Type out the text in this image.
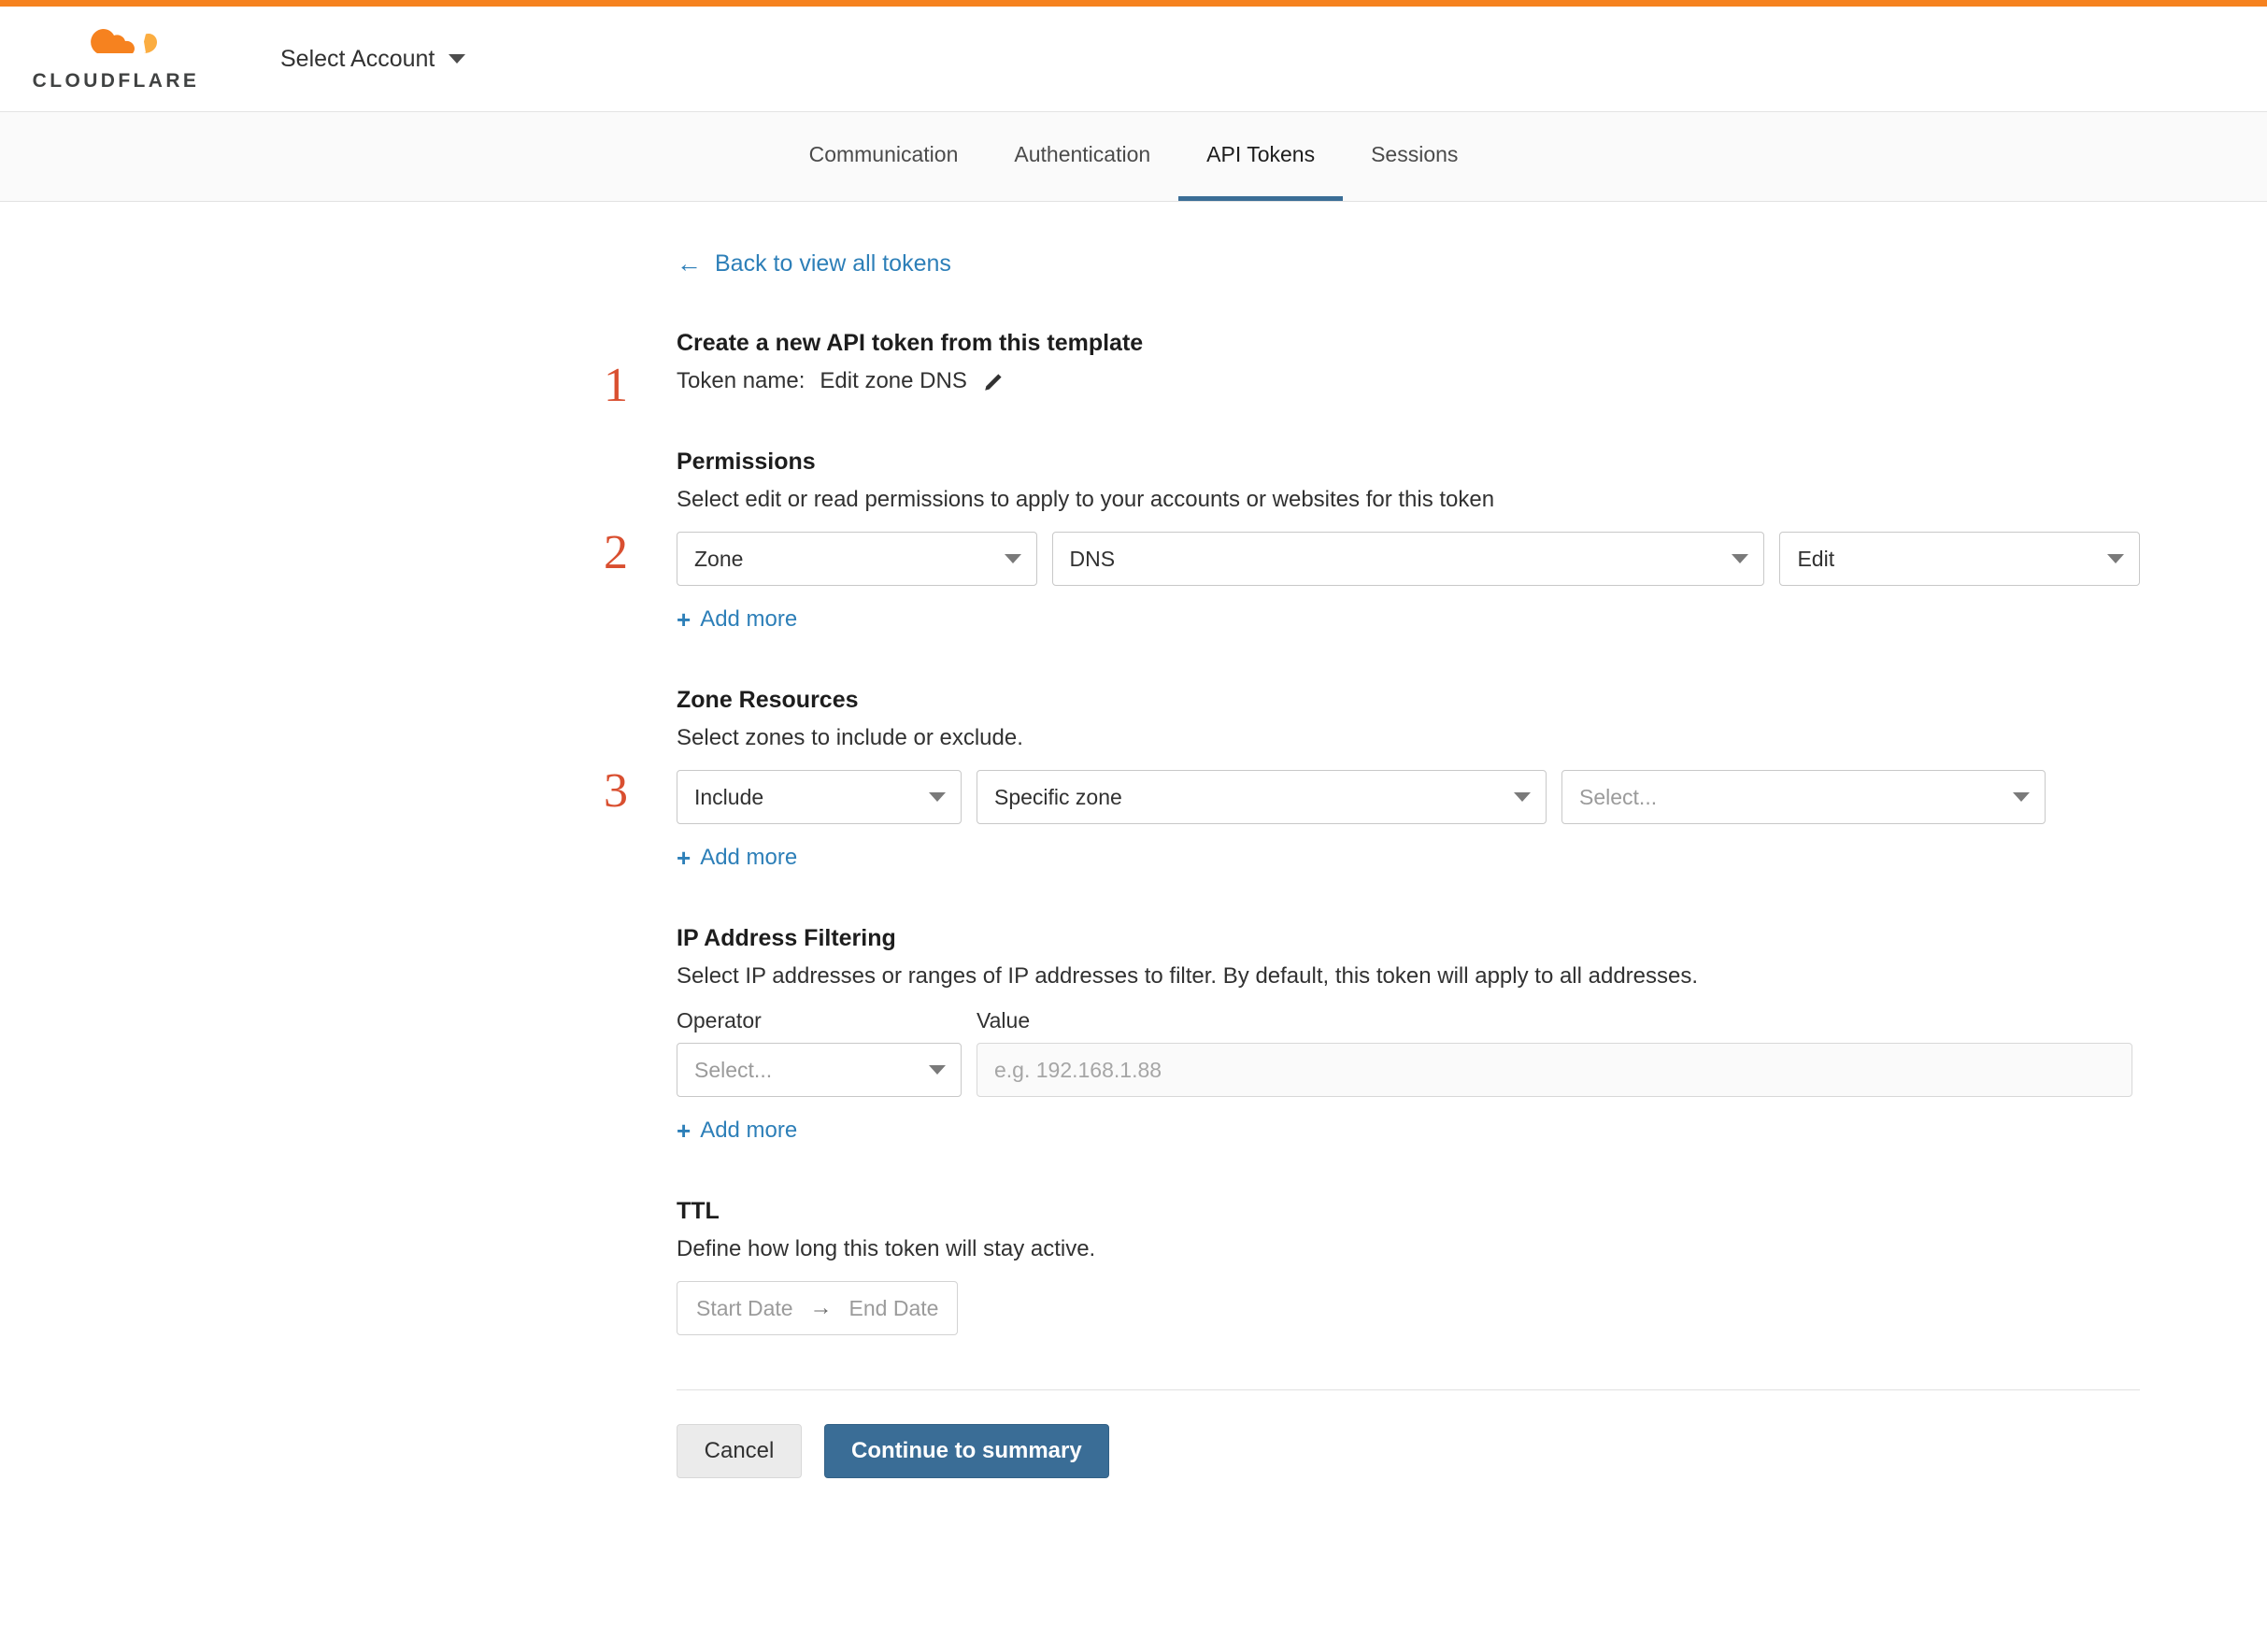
CLOUDFLARE
Select Account
Communication	Authentication	API Tokens	Sessions
← Back to view all tokens
1
Create a new API token from this template
Token name: Edit zone DNS
2
Permissions

Select edit or read permissions to apply to your accounts or websites for this token

Zone	DNS	Edit
+ Add more
3
Zone Resources

Select zones to include or exclude.

Include	Specific zone	Select...
+ Add more
IP Address Filtering

Select IP addresses or ranges of IP addresses to filter. By default, this token will apply to all addresses.

Operator
Select...
Value
e.g. 192.168.1.88
+ Add more
TTL

Define how long this token will stay active.

Start Date → End Date
Cancel	Continue to summary
